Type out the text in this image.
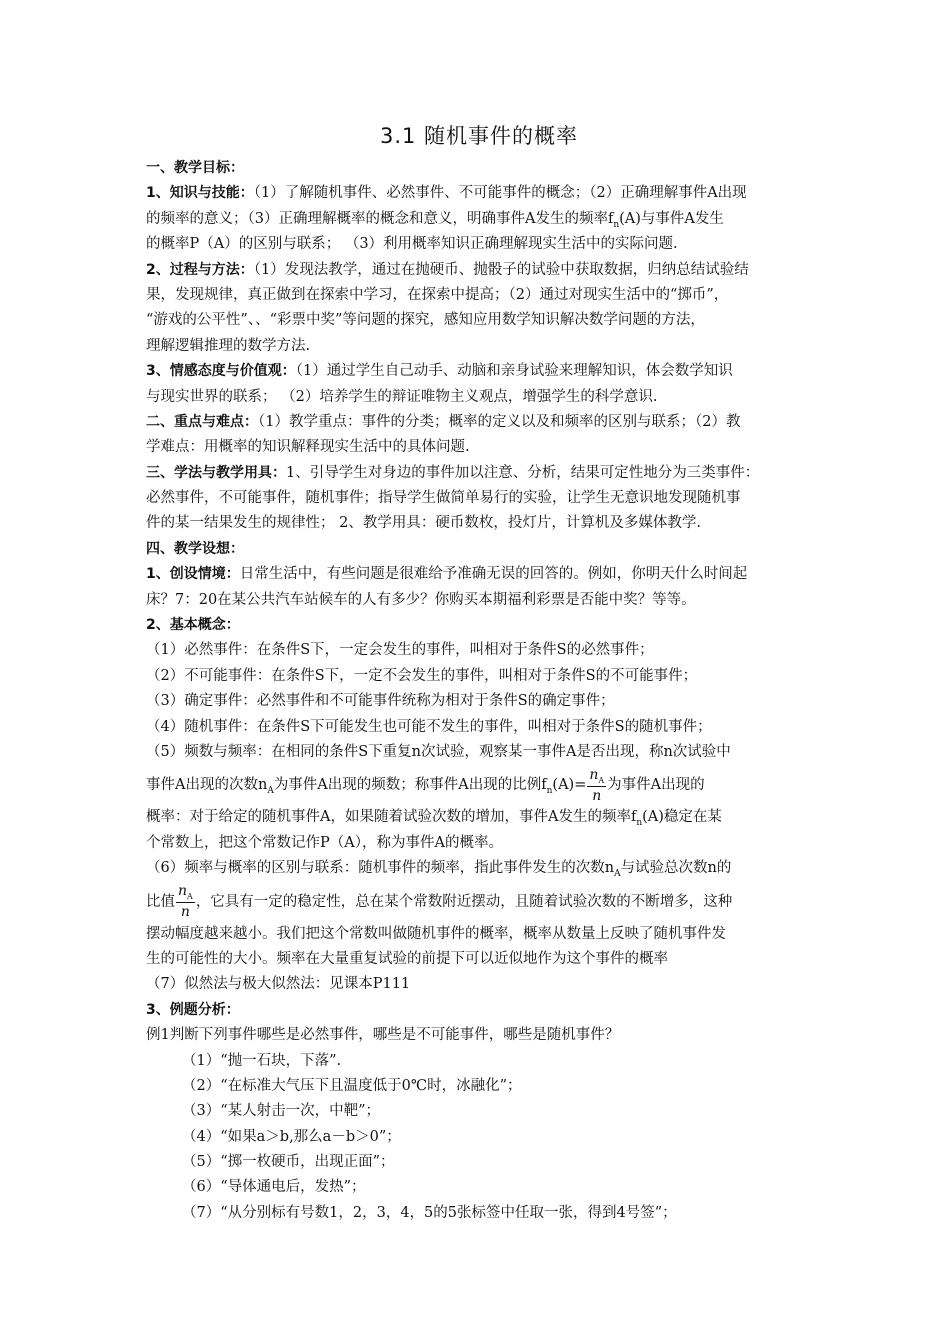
3.1 随机事件的概率
一、教学目标：
1、知识与技能：（1）了解随机事件、必然事件、不可能事件的概念；（2）正确理解事件A出现
的频率的意义；（3）正确理解概率的概念和意义，明确事件A发生的频率$f_n(A)$与事件A发生
的概率P（A）的区别与联系； （3）利用概率知识正确理解现实生活中的实际问题.
2、过程与方法：（1）发现法教学，通过在抛硬币、抛骰子的试验中获取数据，归纳总结试验结
果，发现规律，真正做到在探索中学习，在探索中提高；（2）通过对现实生活中的“掷币”，
“游戏的公平性”、、“彩票中奖”等问题的探究，感知应用数学知识解决数学问题的方法，
理解逻辑推理的数学方法.
3、情感态度与价值观：（1）通过学生自己动手、动脑和亲身试验来理解知识，体会数学知识
与现实世界的联系； （2）培养学生的辩证唯物主义观点，增强学生的科学意识.
二、重点与难点：（1）教学重点：事件的分类；概率的定义以及和频率的区别与联系；（2）教
学难点：用概率的知识解释现实生活中的具体问题.
三、学法与教学用具：1、引导学生对身边的事件加以注意、分析，结果可定性地分为三类事件：
必然事件，不可能事件，随机事件；指导学生做简单易行的实验，让学生无意识地发现随机事
件的某一结果发生的规律性； 2、教学用具：硬币数枚，投灯片，计算机及多媒体教学.
四、教学设想：
1、创设情境：日常生活中，有些问题是很难给予准确无误的回答的。例如，你明天什么时间起
床？7：20在某公共汽车站候车的人有多少？你购买本期福利彩票是否能中奖？等等。
2、基本概念：
（1）必然事件：在条件S下，一定会发生的事件，叫相对于条件S的必然事件；
（2）不可能事件：在条件S下，一定不会发生的事件，叫相对于条件S的不可能事件；
（3）确定事件：必然事件和不可能事件统称为相对于条件S的确定事件；
（4）随机事件：在条件S下可能发生也可能不发生的事件，叫相对于条件S的随机事件；
（5）频数与频率：在相同的条件S下重复n次试验，观察某一事件A是否出现，称n次试验中
事件A出现的次数$n_A$为事件A出现的频数；称事件A出现的比例$f_n(A)= \frac{n_A}{n}$ 为事件A出现的
概率：对于给定的随机事件A，如果随着试验次数的增加，事件A发生的频率$f_n(A)$稳定在某
个常数上，把这个常数记作P（A），称为事件A的概率。
（6）频率与概率的区别与联系：随机事件的频率，指此事件发生的次数$n_A$与试验总次数n的
比值 $\frac{n_A}{n}$ ，它具有一定的稳定性，总在某个常数附近摆动，且随着试验次数的不断增多，这种
摆动幅度越来越小。我们把这个常数叫做随机事件的概率，概率从数量上反映了随机事件发
生的可能性的大小。频率在大量重复试验的前提下可以近似地作为这个事件的概率
（7）似然法与极大似然法：见课本P111
3、例题分析：
例1判断下列事件哪些是必然事件，哪些是不可能事件，哪些是随机事件？
（1）“抛一石块，下落”.
（2）“在标准大气压下且温度低于0℃时，冰融化”；
（3）“某人射击一次，中靶”；
（4）“如果a＞b,那么a－b＞0”；
（5）“掷一枚硬币，出现正面”；
（6）“导体通电后，发热”；
（7）“从分别标有号数1，2，3，4，5的5张标签中任取一张，得到4号签”；
